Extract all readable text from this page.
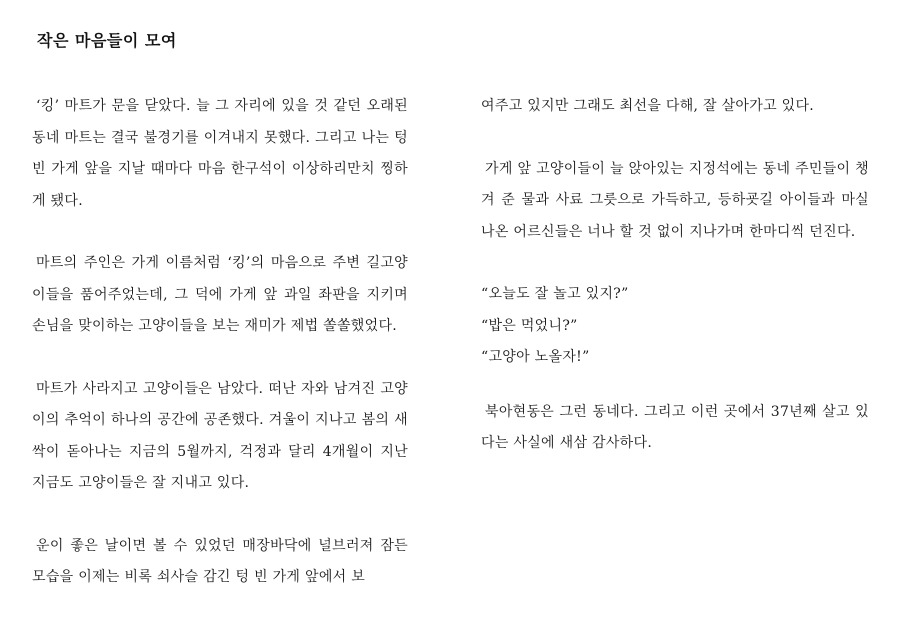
작은 마음들이 모여

‘킹’ 마트가 문을 닫았다. 늘 그 자리에 있을 것 같던 오래된 동네 마트는 결국 불경기를 이겨내지 못했다. 그리고 나는 텅 빈 가게 앞을 지날 때마다 마음 한구석이 이상하리만치 찡하게 됐다.

마트의 주인은 가게 이름처럼 ‘킹’의 마음으로 주변 길고양이들을 품어주었는데, 그 덕에 가게 앞 과일 좌판을 지키며 손님을 맞이하는 고양이들을 보는 재미가 제법 쏠쏠했었다.

마트가 사라지고 고양이들은 남았다. 떠난 자와 남겨진 고양이의 추억이 하나의 공간에 공존했다. 겨울이 지나고 봄의 새싹이 돋아나는 지금의 5월까지, 걱정과 달리 4개월이 지난 지금도 고양이들은 잘 지내고 있다.

운이 좋은 날이면 볼 수 있었던 매장바닥에 널브러져 잠든 모습을 이제는 비록 쇠사슬 감긴 텅 빈 가게 앞에서 보

여주고 있지만 그래도 최선을 다해, 잘 살아가고 있다.

가게 앞 고양이들이 늘 앉아있는 지정석에는 동네 주민들이 챙겨 준 물과 사료 그릇으로 가득하고, 등하굣길 아이들과 마실 나온 어르신들은 너나 할 것 없이 지나가며 한마디씩 던진다.

“오늘도 잘 놀고 있지?”

“밥은 먹었니?”

“고양아 노올자!”

북아현동은 그런 동네다. 그리고 이런 곳에서 37년째 살고 있다는 사실에 새삼 감사하다.
